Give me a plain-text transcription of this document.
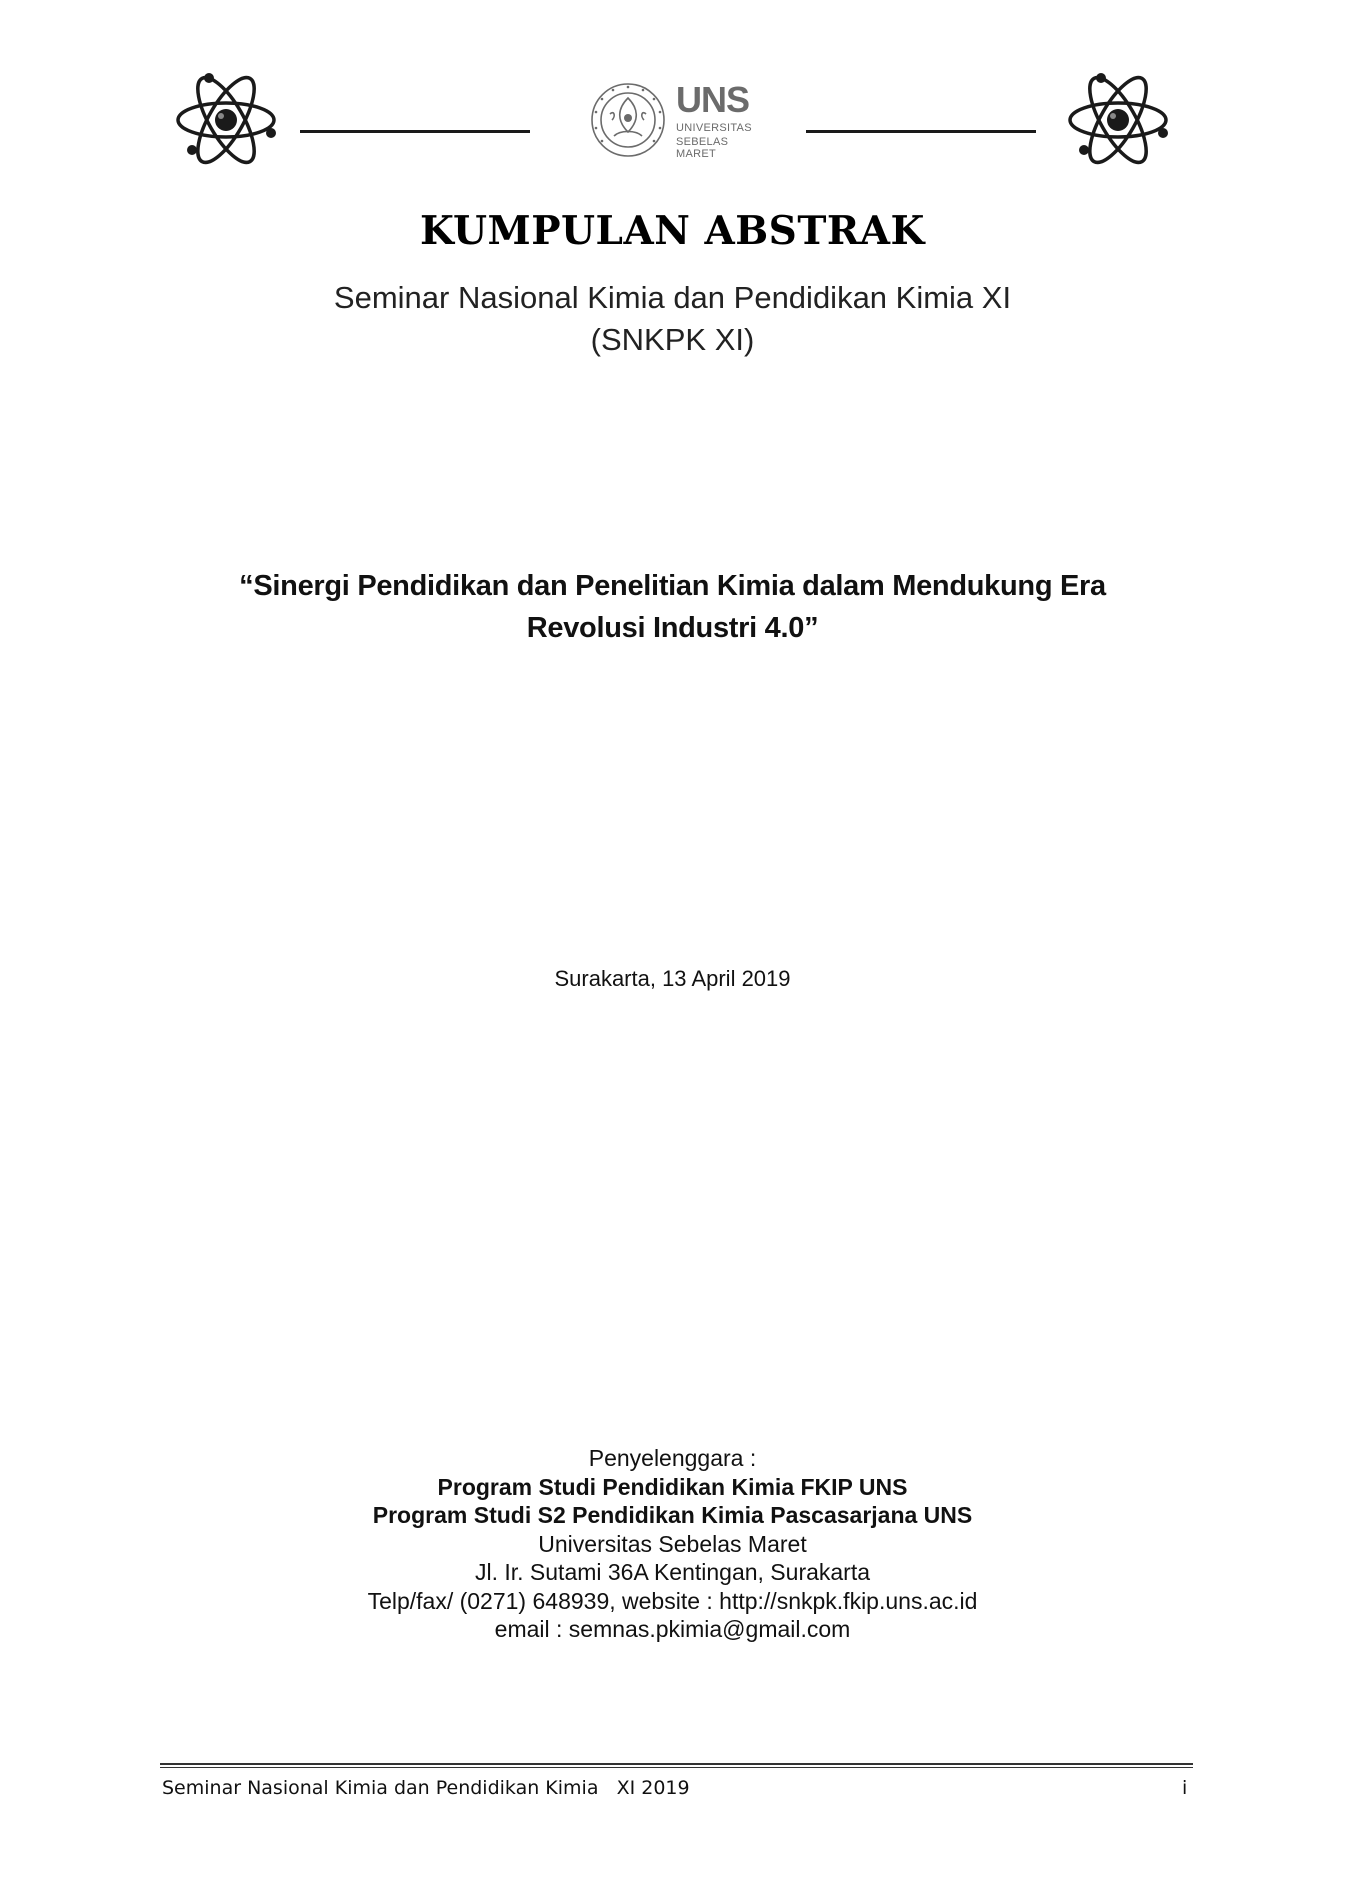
UNS
UNIVERSITAS
SEBELAS MARET
KUMPULAN ABSTRAK
Seminar Nasional Kimia dan Pendidikan Kimia XI
(SNKPK XI)
“Sinergi Pendidikan dan Penelitian Kimia dalam Mendukung Era
Revolusi Industri 4.0”
Surakarta, 13 April 2019
Penyelenggara :
Program Studi Pendidikan Kimia FKIP UNS
Program Studi S2 Pendidikan Kimia Pascasarjana UNS
Universitas Sebelas Maret
Jl. Ir. Sutami 36A Kentingan, Surakarta
Telp/fax/ (0271) 648939, website : http://snkpk.fkip.uns.ac.id
email : semnas.pkimia@gmail.com
Seminar Nasional Kimia dan Pendidikan Kimia   XI 2019	i
